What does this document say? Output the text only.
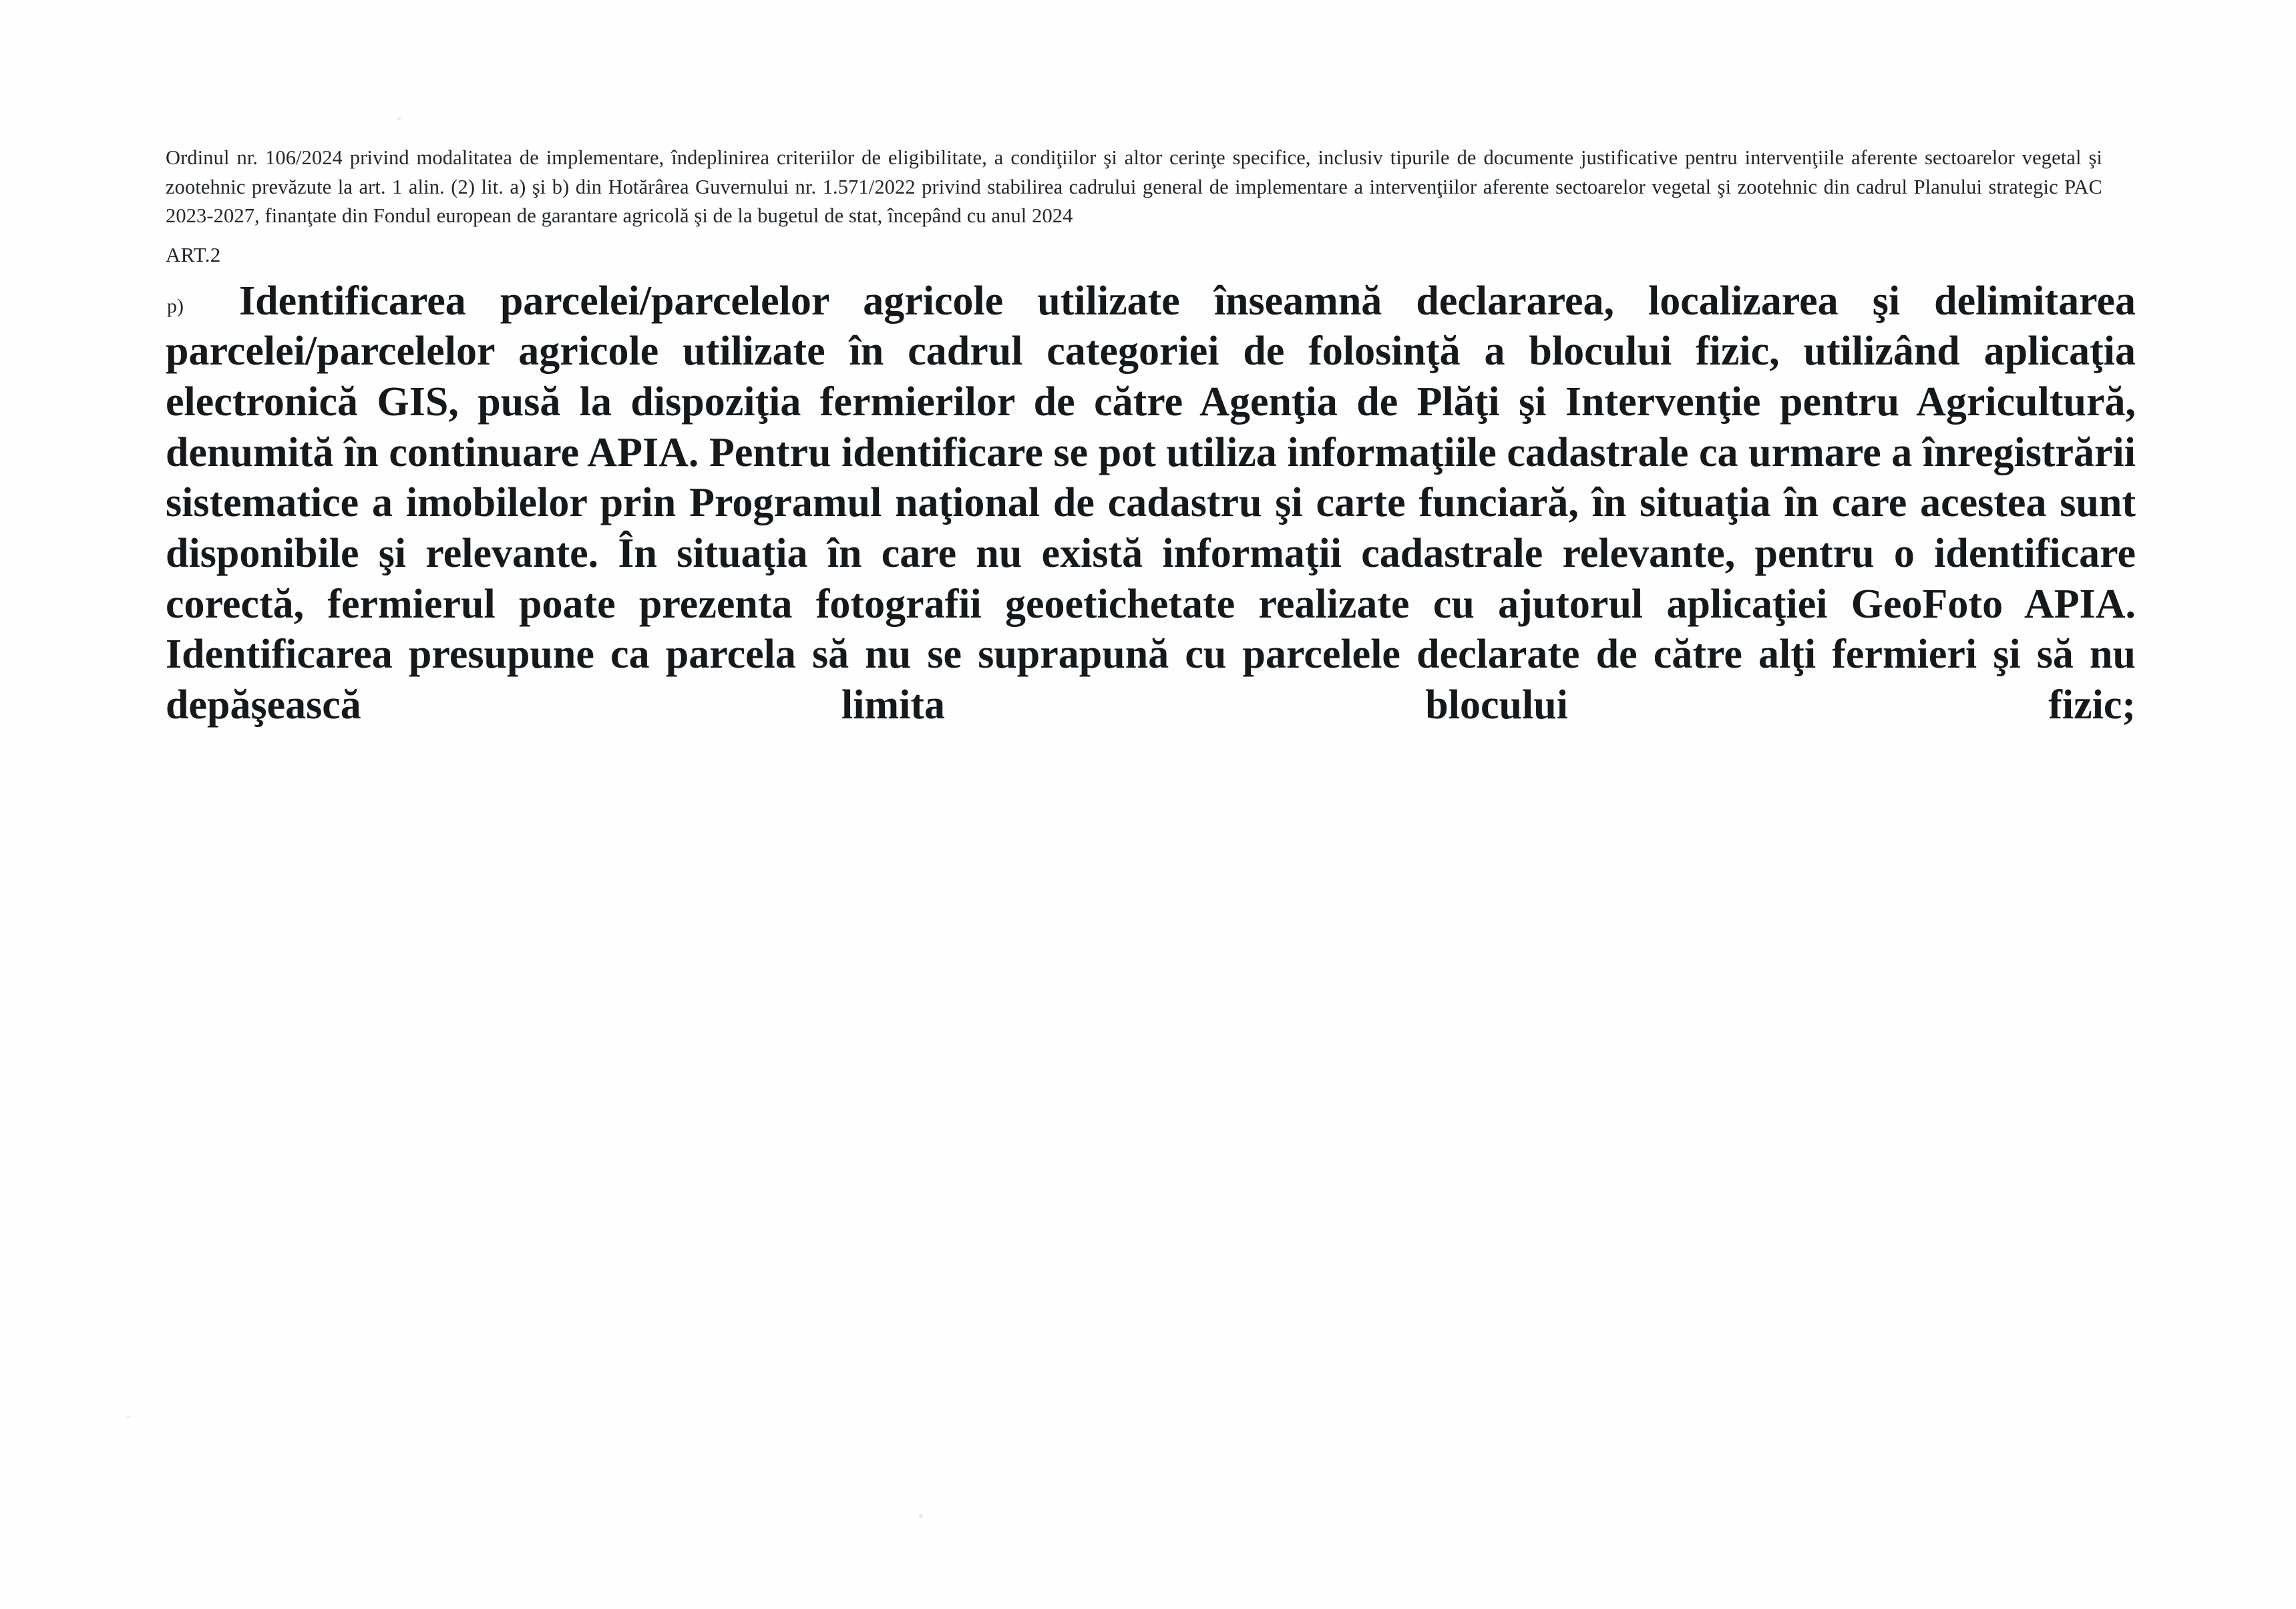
Ordinul nr. 106/2024 privind modalitatea de implementare, îndeplinirea criteriilor de eligibilitate, a condiţiilor şi altor cerinţe specifice, inclusiv tipurile de documente justificative pentru intervenţiile aferente sectoarelor vegetal şi zootehnic prevăzute la art. 1 alin. (2) lit. a) şi b) din Hotărârea Guvernului nr. 1.571/2022 privind stabilirea cadrului general de implementare a intervenţiilor aferente sectoarelor vegetal şi zootehnic din cadrul Planului strategic PAC 2023-2027, finanţate din Fondul european de garantare agricolă şi de la bugetul de stat, începând cu anul 2024

ART.2
p)	Identificarea parcelei/parcelelor agricole utilizate înseamnă declararea, localizarea şi delimitarea parcelei/parcelelor agricole utilizate în cadrul categoriei de folosinţă a blocului fizic, utilizând aplicaţia electronică GIS, pusă la dispoziţia fermierilor de către Agenţia de Plăţi şi Intervenţie pentru Agricultură, denumită în continuare APIA. Pentru identificare se pot utiliza informaţiile cadastrale ca urmare a înregistrării sistematice a imobilelor prin Programul naţional de cadastru şi carte funciară, în situaţia în care acestea sunt disponibile şi relevante. În situaţia în care nu există informaţii cadastrale relevante, pentru o identificare corectă, fermierul poate prezenta fotografii geoetichetate realizate cu ajutorul aplicaţiei GeoFoto APIA. Identificarea presupune ca parcela să nu se suprapună cu parcelele declarate de către alţi fermieri şi să nu depăşească limita blocului fizic;
